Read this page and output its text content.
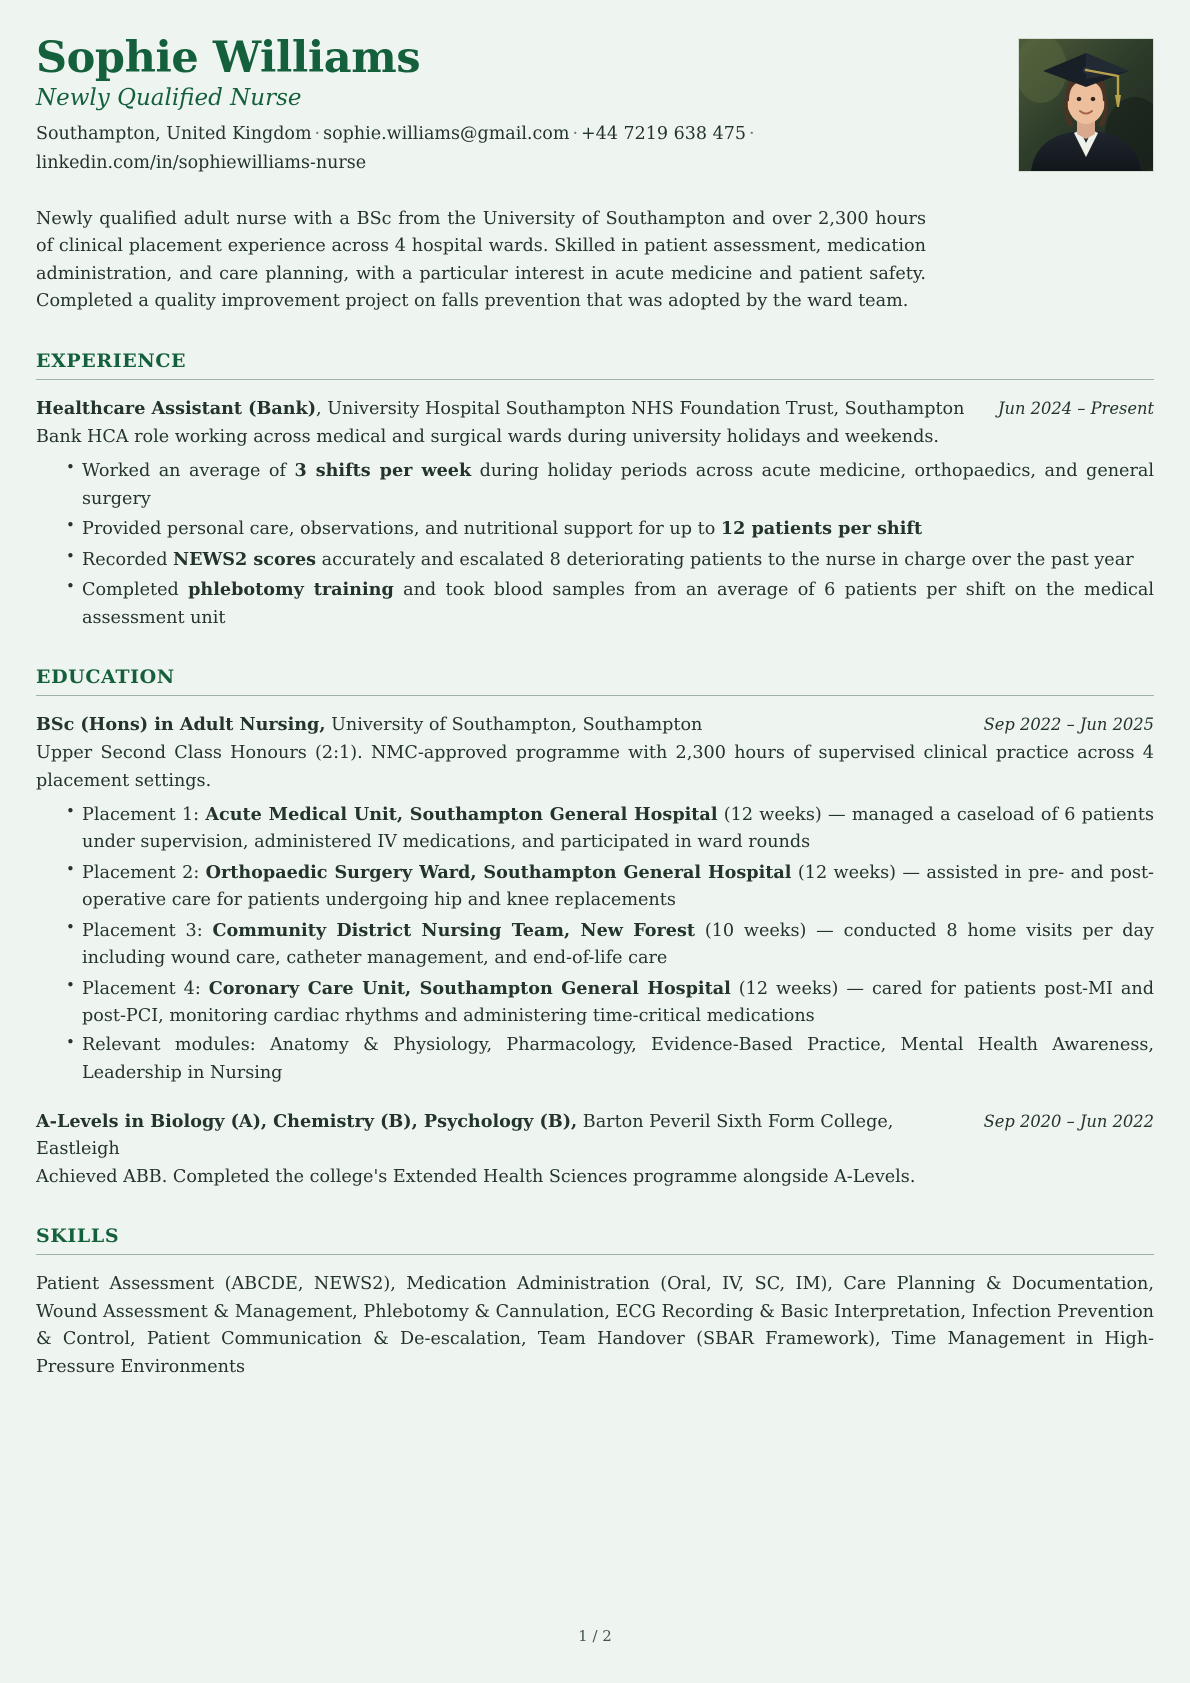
Sophie Williams
Newly Qualified Nurse
Southampton, United Kingdom · sophie.williams@gmail.com · +44 7219 638 475 · linkedin.com/in/sophiewilliams-nurse
Newly qualified adult nurse with a BSc from the University of Southampton and over 2,300 hours of clinical placement experience across 4 hospital wards. Skilled in patient assessment, medication administration, and care planning, with a particular interest in acute medicine and patient safety. Completed a quality improvement project on falls prevention that was adopted by the ward team.
EXPERIENCE
Healthcare Assistant (Bank), University Hospital Southampton NHS Foundation Trust, Southampton	Jun 2024 – Present
Bank HCA role working across medical and surgical wards during university holidays and weekends.
• Worked an average of 3 shifts per week during holiday periods across acute medicine, orthopaedics, and general surgery
• Provided personal care, observations, and nutritional support for up to 12 patients per shift
• Recorded NEWS2 scores accurately and escalated 8 deteriorating patients to the nurse in charge over the past year
• Completed phlebotomy training and took blood samples from an average of 6 patients per shift on the medical assessment unit
EDUCATION
BSc (Hons) in Adult Nursing, University of Southampton, Southampton	Sep 2022 – Jun 2025
Upper Second Class Honours (2:1). NMC-approved programme with 2,300 hours of supervised clinical practice across 4 placement settings.
• Placement 1: Acute Medical Unit, Southampton General Hospital (12 weeks) — managed a caseload of 6 patients under supervision, administered IV medications, and participated in ward rounds
• Placement 2: Orthopaedic Surgery Ward, Southampton General Hospital (12 weeks) — assisted in pre- and post-operative care for patients undergoing hip and knee replacements
• Placement 3: Community District Nursing Team, New Forest (10 weeks) — conducted 8 home visits per day including wound care, catheter management, and end-of-life care
• Placement 4: Coronary Care Unit, Southampton General Hospital (12 weeks) — cared for patients post-MI and post-PCI, monitoring cardiac rhythms and administering time-critical medications
• Relevant modules: Anatomy & Physiology, Pharmacology, Evidence-Based Practice, Mental Health Awareness, Leadership in Nursing
A-Levels in Biology (A), Chemistry (B), Psychology (B), Barton Peveril Sixth Form College, Eastleigh
Sep 2020 – Jun 2022
Achieved ABB. Completed the college's Extended Health Sciences programme alongside A-Levels.
SKILLS
Patient Assessment (ABCDE, NEWS2), Medication Administration (Oral, IV, SC, IM), Care Planning & Documentation, Wound Assessment & Management, Phlebotomy & Cannulation, ECG Recording & Basic Interpretation, Infection Prevention & Control, Patient Communication & De-escalation, Team Handover (SBAR Framework), Time Management in High-Pressure Environments
1 / 2
